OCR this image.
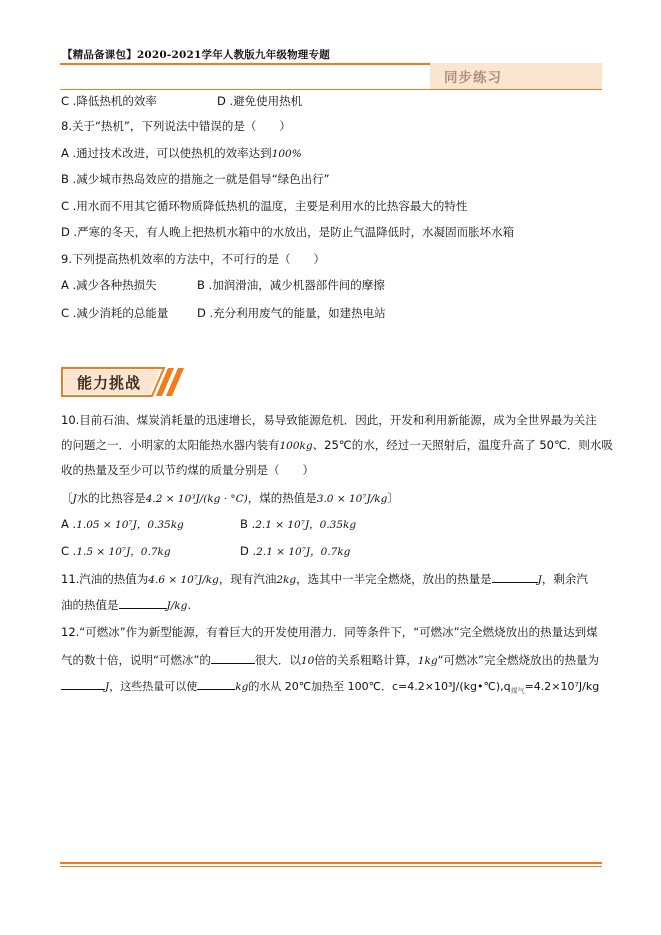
【精品备课包】2020-2021学年人教版九年级物理专题
同步练习
C .降低热机的效率	D .避免使用热机
8.关于“热机”，下列说法中错误的是（　　）
A .通过技术改进，可以使热机的效率达到100%
B .减少城市热岛效应的措施之一就是倡导“绿色出行”
C .用水而不用其它循环物质降低热机的温度，主要是利用水的比热容最大的特性
D .严寒的冬天，有人晚上把热机水箱中的水放出，是防止气温降低时，水凝固而胀坏水箱
9.下列提高热机效率的方法中，不可行的是（　　）
A .减少各种热损失	B .加润滑油，减少机器部件间的摩擦
C .减少消耗的总能量 D .充分利用废气的能量，如建热电站
能力挑战
10.目前石油、煤炭消耗量的迅速增长，易导致能源危机．因此，开发和利用新能源，成为全世界最为关注
的问题之一．小明家的太阳能热水器内装有100kg、25℃的水，经过一天照射后，温度升高了 50℃．则水吸
收的热量及至少可以节约煤的质量分别是（　　）
〔J水的比热容是4.2 × 10³J/(kg · °C)，煤的热值是3.0 × 10⁷J/kg〕
A .1.05 × 10⁷J，0.35kg	B .2.1 × 10⁷J，0.35kg
C .1.5 × 10⁷J，0.7kg	D .2.1 × 10⁷J，0.7kg
11.汽油的热值为4.6 × 10⁷J/kg，现有汽油2kg，选其中一半完全燃烧，放出的热量是	J，剩余汽
油的热值是	J/kg.
12.“可燃冰”作为新型能源，有着巨大的开发使用潜力．同等条件下，“可燃冰”完全燃烧放出的热量达到煤
气的数十倍，说明“可燃冰”的	很大．以10倍的关系粗略计算，1kg“可燃冰”完全燃烧放出的热量为
J，这些热量可以使	kg的水从 20℃加热至 100℃．$c=4.2\times 10^3J/(kg•℃),q_{煤气}=4.2\times 10^7J/kg$
